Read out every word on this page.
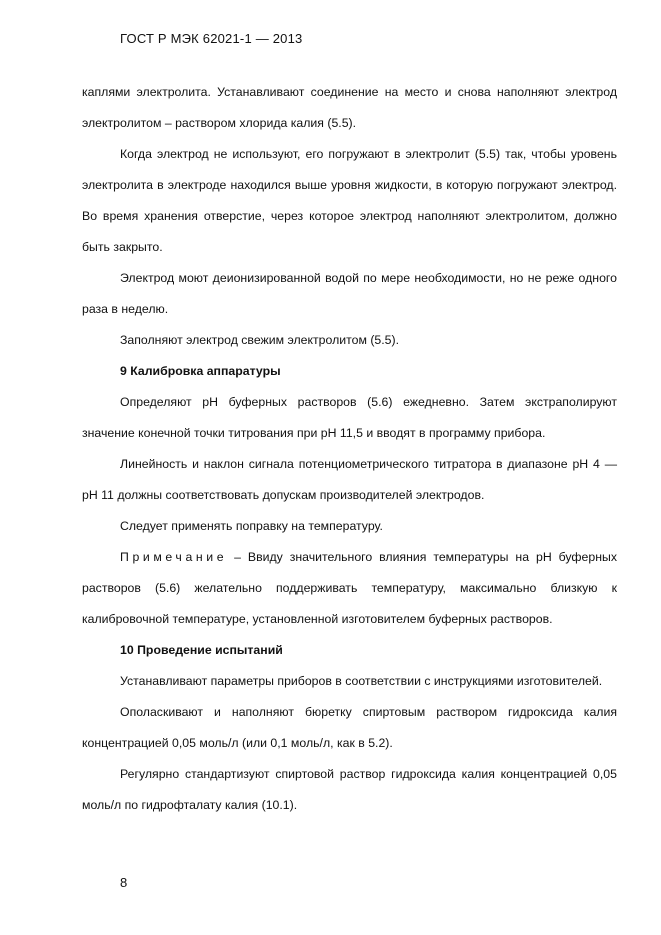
ГОСТ Р МЭК 62021-1 — 2013

каплями электролита. Устанавливают соединение на место и снова наполняют электрод электролитом – раствором хлорида калия (5.5).

Когда электрод не используют, его погружают в электролит (5.5) так, чтобы уровень электролита в электроде находился выше уровня жидкости, в которую погружают электрод. Во время хранения отверстие, через которое электрод наполняют электролитом, должно быть закрыто.

Электрод моют деионизированной водой по мере необходимости, но не реже одного раза в неделю.

Заполняют электрод свежим электролитом (5.5).

9 Калибровка аппаратуры

Определяют рН буферных растворов (5.6) ежедневно. Затем экстраполируют значение конечной точки титрования при рН 11,5 и вводят в программу прибора.

Линейность и наклон сигнала потенциометрического титратора в диапазоне рН 4 — рН 11 должны соответствовать допускам производителей электродов.

Следует применять поправку на температуру.

Примечание – Ввиду значительного влияния температуры на рН буферных растворов (5.6) желательно поддерживать температуру, максимально близкую к калибровочной температуре, установленной изготовителем буферных растворов.

10 Проведение испытаний

Устанавливают параметры приборов в соответствии с инструкциями изготовителей.

Ополаскивают и наполняют бюретку спиртовым раствором гидроксида калия концентрацией 0,05 моль/л (или 0,1 моль/л, как в 5.2).

Регулярно стандартизуют спиртовой раствор гидроксида калия концентрацией 0,05 моль/л по гидрофталату калия (10.1).

8
